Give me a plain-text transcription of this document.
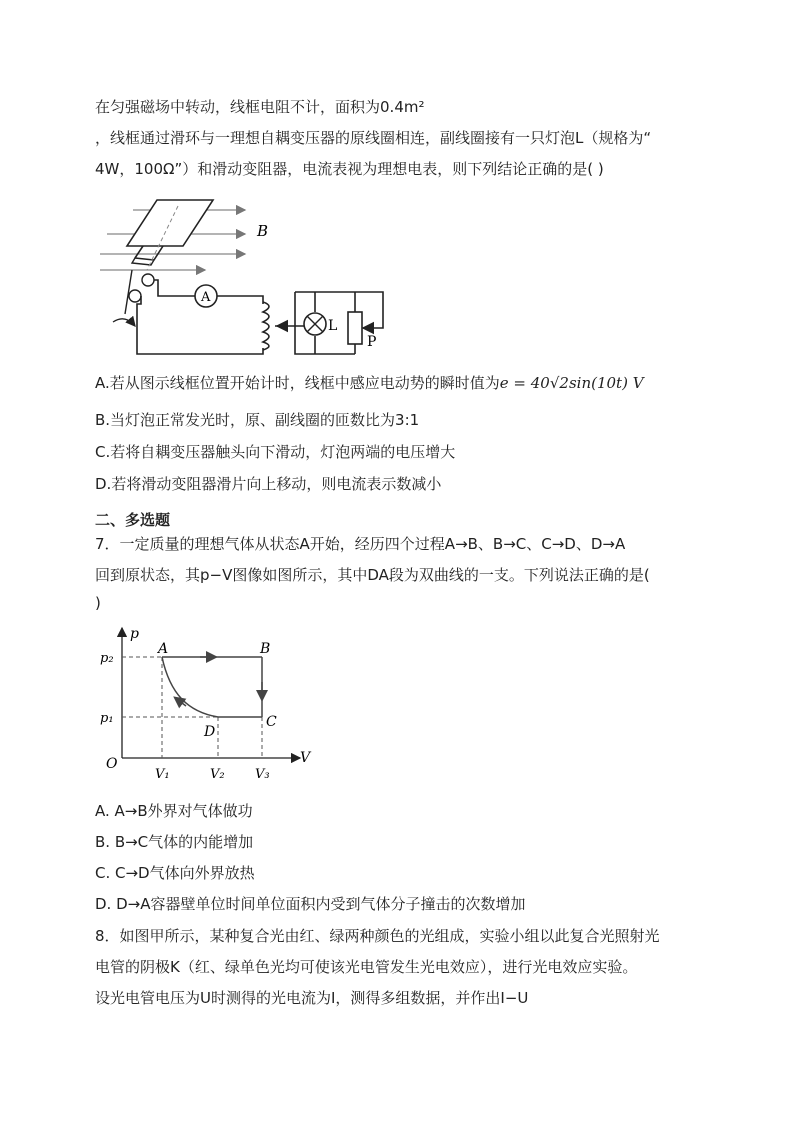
在匀强磁场中转动，线框电阻不计，面积为0.4m²
，线框通过滑环与一理想自耦变压器的原线圈相连，副线圈接有一只灯泡L（规格为“
4W，100Ω”）和滑动变阻器，电流表视为理想电表，则下列结论正确的是( )
B
A
L
P
A.若从图示线框位置开始计时，线框中感应电动势的瞬时值为e = 40√2sin(10t) V
B.当灯泡正常发光时，原、副线圈的匝数比为3:1
C.若将自耦变压器触头向下滑动，灯泡两端的电压增大
D.若将滑动变阻器滑片向上移动，则电流表示数减小
二、多选题
7．一定质量的理想气体从状态A开始，经历四个过程A→B、B→C、C→D、D→A
回到原状态，其p−V图像如图所示，其中DA段为双曲线的一支。下列说法正确的是(
)
p
V
O
p₂
p₁
V₁	V₂ V₃
A	B
C
D
A. A→B外界对气体做功
B. B→C气体的内能增加
C. C→D气体向外界放热
D. D→A容器壁单位时间单位面积内受到气体分子撞击的次数增加
8．如图甲所示，某种复合光由红、绿两种颜色的光组成，实验小组以此复合光照射光
电管的阴极K（红、绿单色光均可使该光电管发生光电效应），进行光电效应实验。
设光电管电压为U时测得的光电流为I，测得多组数据，并作出I−U
